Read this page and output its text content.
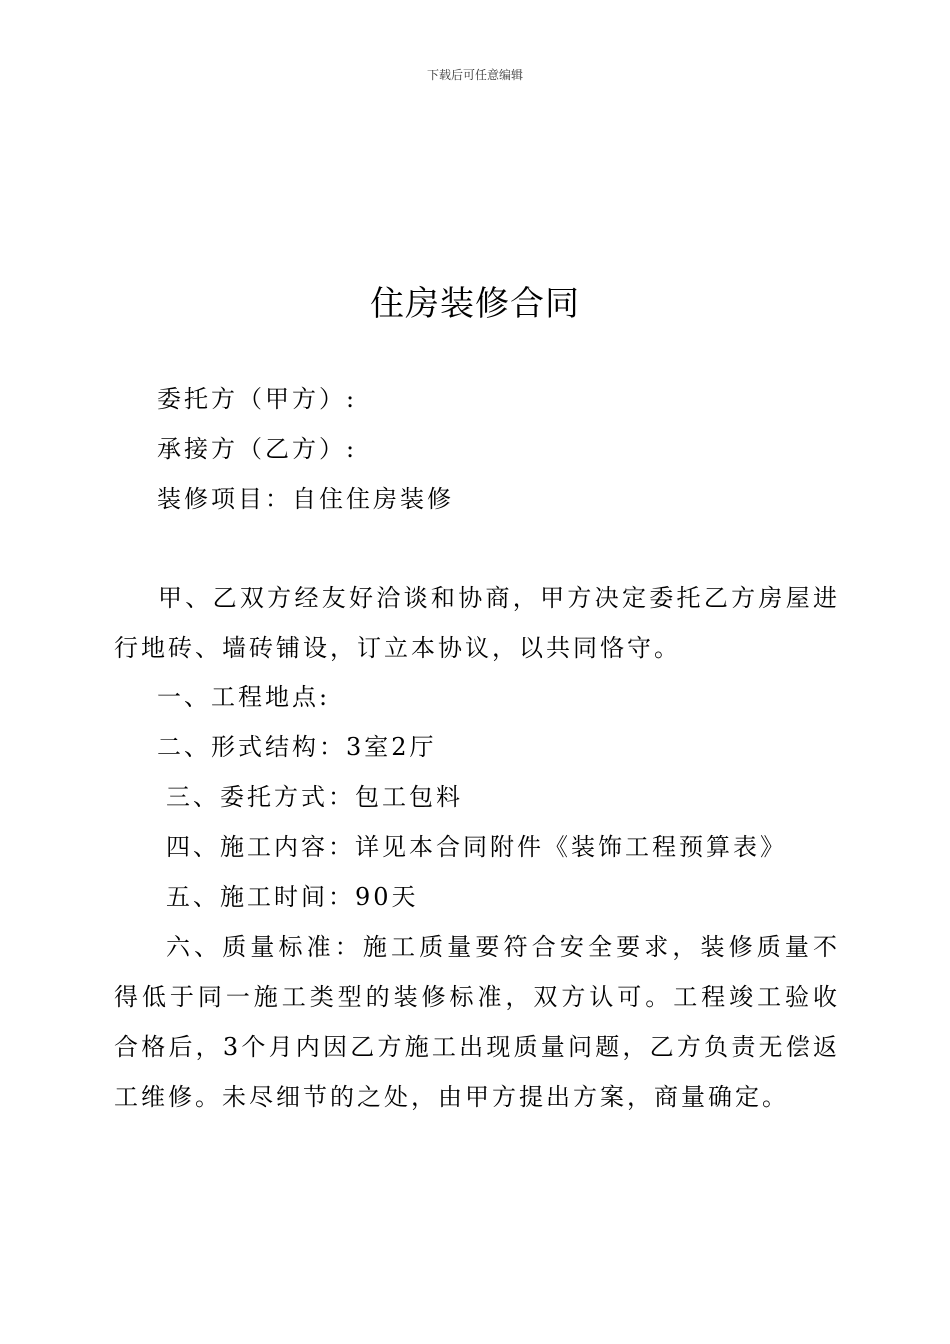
下载后可任意编辑
住房装修合同
委托方（甲方）:
承接方（乙方）:
装修项目：自住住房装修
甲、乙双方经友好洽谈和协商，甲方决定委托乙方房屋进行地砖、墙砖铺设，订立本协议，以共同恪守。
一、工程地点:
二、形式结构：3室2厅
三、委托方式：包工包料
四、施工内容：详见本合同附件《装饰工程预算表》
五、施工时间：90天
六、质量标准：施工质量要符合安全要求，装修质量不得低于同一施工类型的装修标准，双方认可。工程竣工验收合格后，3个月内因乙方施工出现质量问题，乙方负责无偿返工维修。未尽细节的之处，由甲方提出方案，商量确定。
